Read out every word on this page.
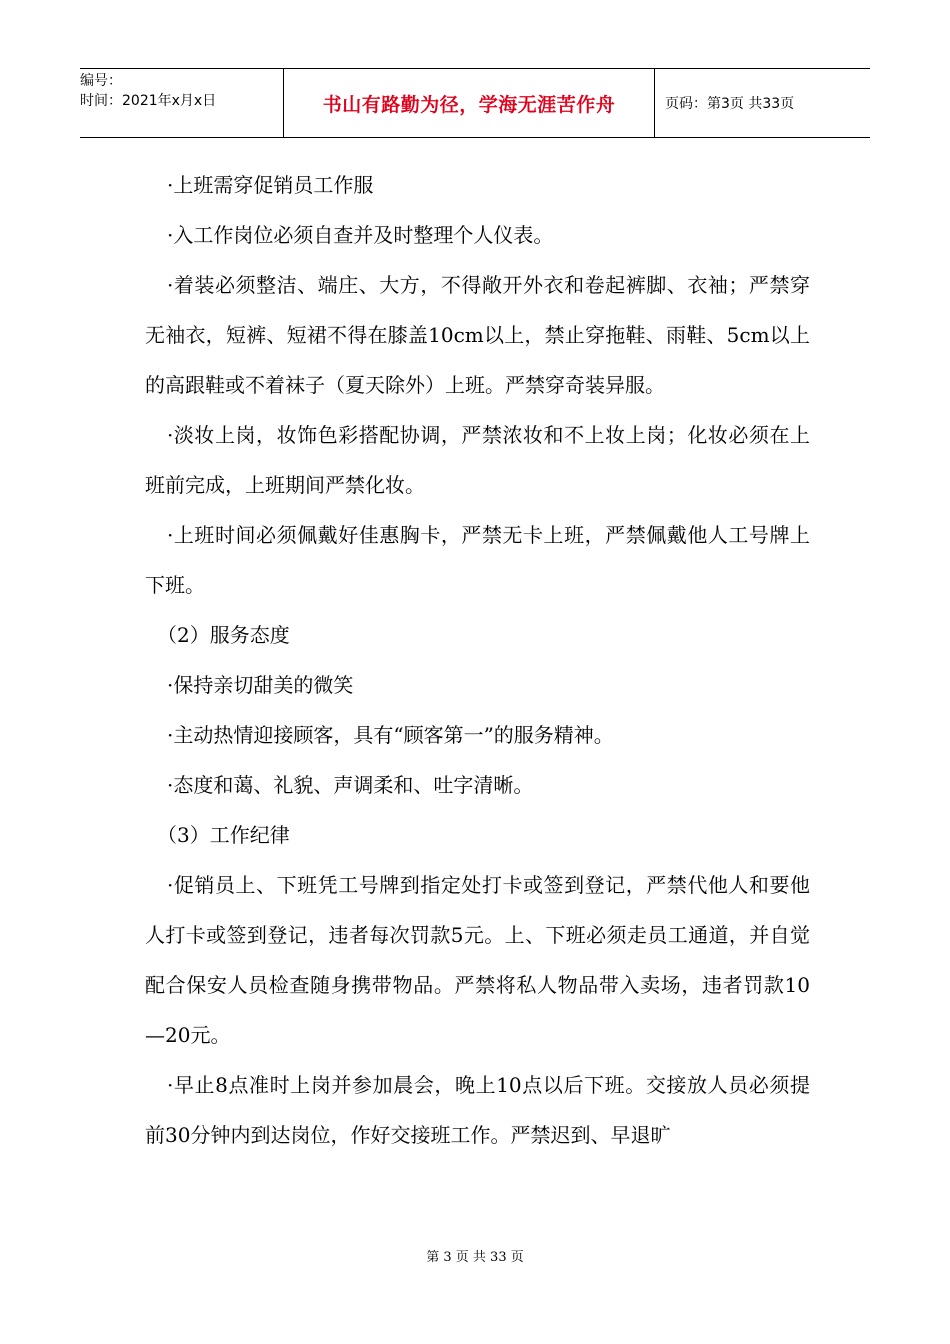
编号：
时间：2021年x月x日	书山有路勤为径，学海无涯苦作舟	页码：第3页 共33页

·上班需穿促销员工作服

·入工作岗位必须自查并及时整理个人仪表。

·着装必须整洁、端庄、大方，不得敞开外衣和卷起裤脚、衣袖；严禁穿无袖衣，短裤、短裙不得在膝盖10cm以上，禁止穿拖鞋、雨鞋、5cm以上的高跟鞋或不着袜子（夏天除外）上班。严禁穿奇装异服。

·淡妆上岗，妆饰色彩搭配协调，严禁浓妆和不上妆上岗；化妆必须在上班前完成，上班期间严禁化妆。

·上班时间必须佩戴好佳惠胸卡，严禁无卡上班，严禁佩戴他人工号牌上下班。

（2）服务态度

·保持亲切甜美的微笑

·主动热情迎接顾客，具有“顾客第一”的服务精神。

·态度和蔼、礼貌、声调柔和、吐字清晰。

（3）工作纪律

·促销员上、下班凭工号牌到指定处打卡或签到登记，严禁代他人和要他人打卡或签到登记，违者每次罚款5元。上、下班必须走员工通道，并自觉配合保安人员检查随身携带物品。严禁将私人物品带入卖场，违者罚款10—20元。

·早止8点准时上岗并参加晨会，晚上10点以后下班。交接放人员必须提前30分钟内到达岗位，作好交接班工作。严禁迟到、早退旷

第 3 页 共 33 页
